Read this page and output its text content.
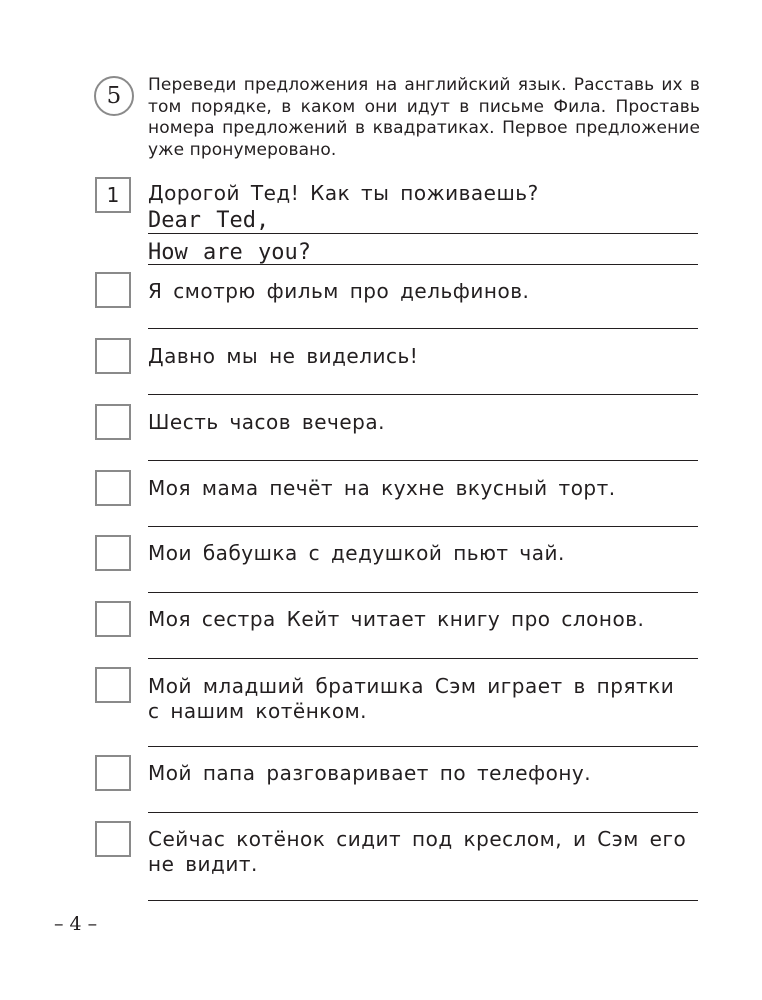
5	Переведи предложения на английский язык. Расставь их в том порядке, в каком они идут в письме Фила. Проставь номера предложений в квадратиках. Первое предложение уже пронумеровано.
1	Дорогой Тед! Как ты поживаешь?
Dear Ted,
How are you?
Я смотрю фильм про дельфинов.
Давно мы не виделись!
Шесть часов вечера.
Моя мама печёт на кухне вкусный торт.
Мои бабушка с дедушкой пьют чай.
Моя сестра Кейт читает книгу про слонов.
Мой младший братишка Сэм играет в прятки с нашим котёнком.
Мой папа разговаривает по телефону.
Сейчас котёнок сидит под креслом, и Сэм его не видит.
– 4 –
